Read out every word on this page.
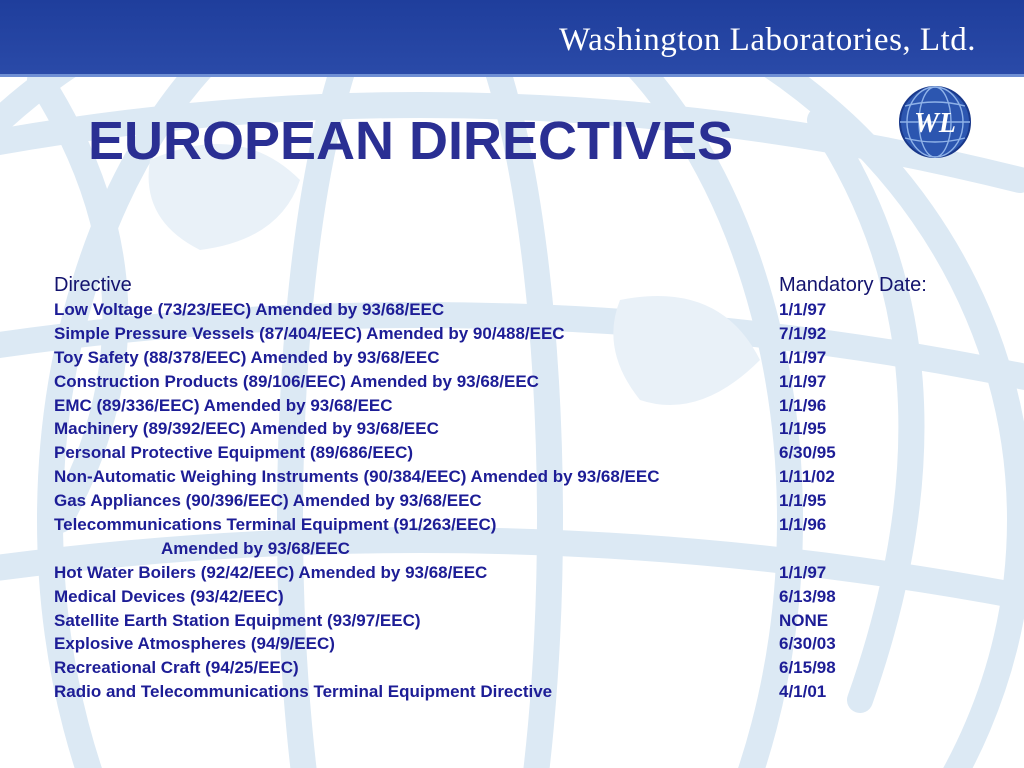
Washington Laboratories, Ltd.
WL
EUROPEAN DIRECTIVES
Directive	Mandatory Date:
Low Voltage (73/23/EEC) Amended by 93/68/EEC	1/1/97
Simple Pressure Vessels (87/404/EEC) Amended by 90/488/EEC	7/1/92
Toy Safety (88/378/EEC) Amended by 93/68/EEC	1/1/97
Construction Products (89/106/EEC) Amended by 93/68/EEC	1/1/97
EMC (89/336/EEC) Amended by 93/68/EEC	1/1/96
Machinery (89/392/EEC) Amended by 93/68/EEC	1/1/95
Personal Protective Equipment (89/686/EEC)	6/30/95
Non-Automatic Weighing Instruments (90/384/EEC) Amended by 93/68/EEC	1/11/02
Gas Appliances (90/396/EEC) Amended by 93/68/EEC	1/1/95
Telecommunications Terminal Equipment (91/263/EEC)	1/1/96
Amended by 93/68/EEC
Hot Water Boilers (92/42/EEC) Amended by 93/68/EEC	1/1/97
Medical Devices (93/42/EEC)	6/13/98
Satellite Earth Station Equipment (93/97/EEC)	NONE
Explosive Atmospheres (94/9/EEC)	6/30/03
Recreational Craft (94/25/EEC)	6/15/98
Radio and Telecommunications Terminal Equipment Directive	4/1/01
